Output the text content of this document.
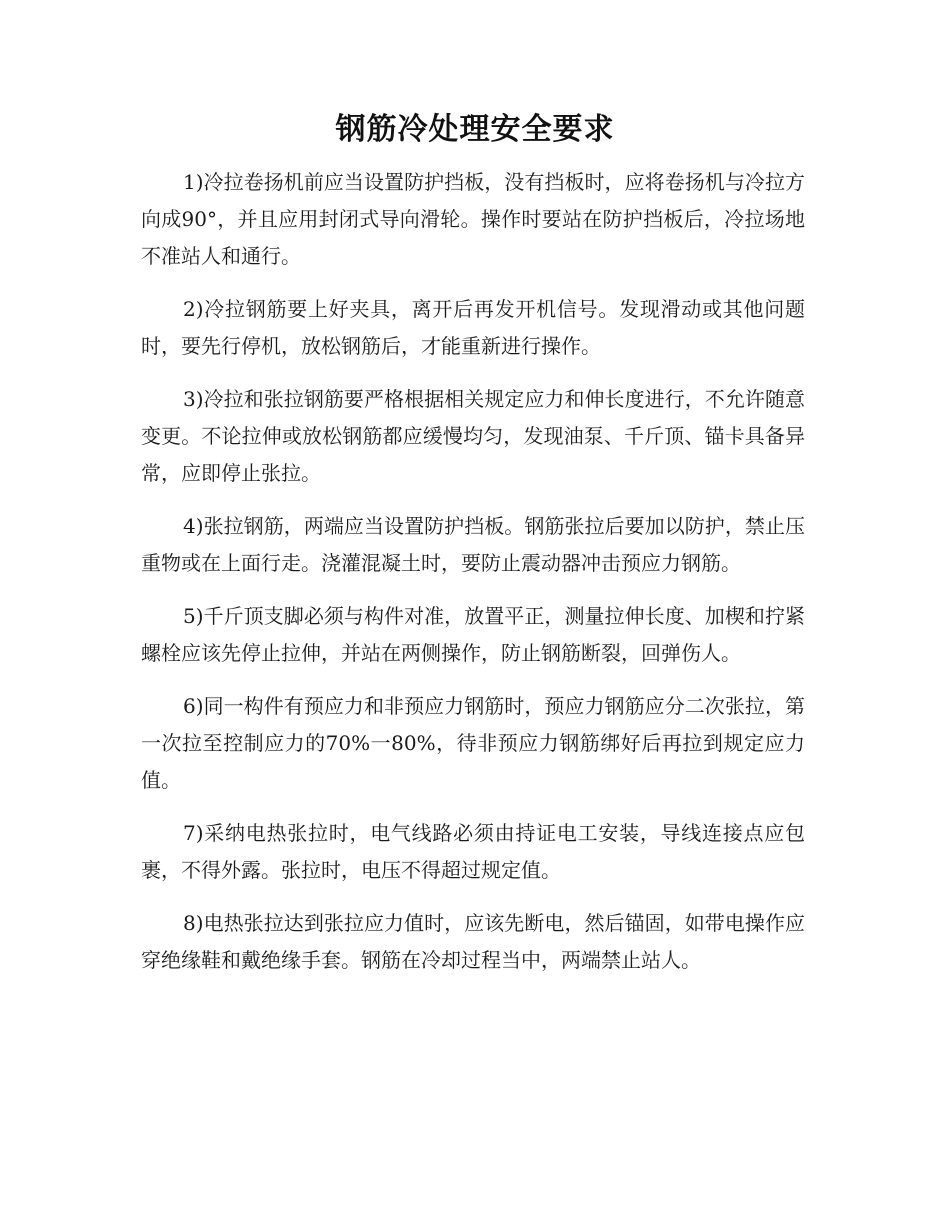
钢筋冷处理安全要求

1)冷拉卷扬机前应当设置防护挡板，没有挡板时，应将卷扬机与冷拉方向成90°，并且应用封闭式导向滑轮。操作时要站在防护挡板后，冷拉场地不准站人和通行。

2)冷拉钢筋要上好夹具，离开后再发开机信号。发现滑动或其他问题时，要先行停机，放松钢筋后，才能重新进行操作。

3)冷拉和张拉钢筋要严格根据相关规定应力和伸长度进行，不允许随意变更。不论拉伸或放松钢筋都应缓慢均匀，发现油泵、千斤顶、锚卡具备异常，应即停止张拉。

4)张拉钢筋，两端应当设置防护挡板。钢筋张拉后要加以防护，禁止压重物或在上面行走。浇灌混凝土时，要防止震动器冲击预应力钢筋。

5)千斤顶支脚必须与构件对准，放置平正，测量拉伸长度、加楔和拧紧螺栓应该先停止拉伸，并站在两侧操作，防止钢筋断裂，回弹伤人。

6)同一构件有预应力和非预应力钢筋时，预应力钢筋应分二次张拉，第一次拉至控制应力的70%一80%，待非预应力钢筋绑好后再拉到规定应力值。

7)采纳电热张拉时，电气线路必须由持证电工安装，导线连接点应包裹，不得外露。张拉时，电压不得超过规定值。

8)电热张拉达到张拉应力值时，应该先断电，然后锚固，如带电操作应穿绝缘鞋和戴绝缘手套。钢筋在冷却过程当中，两端禁止站人。
